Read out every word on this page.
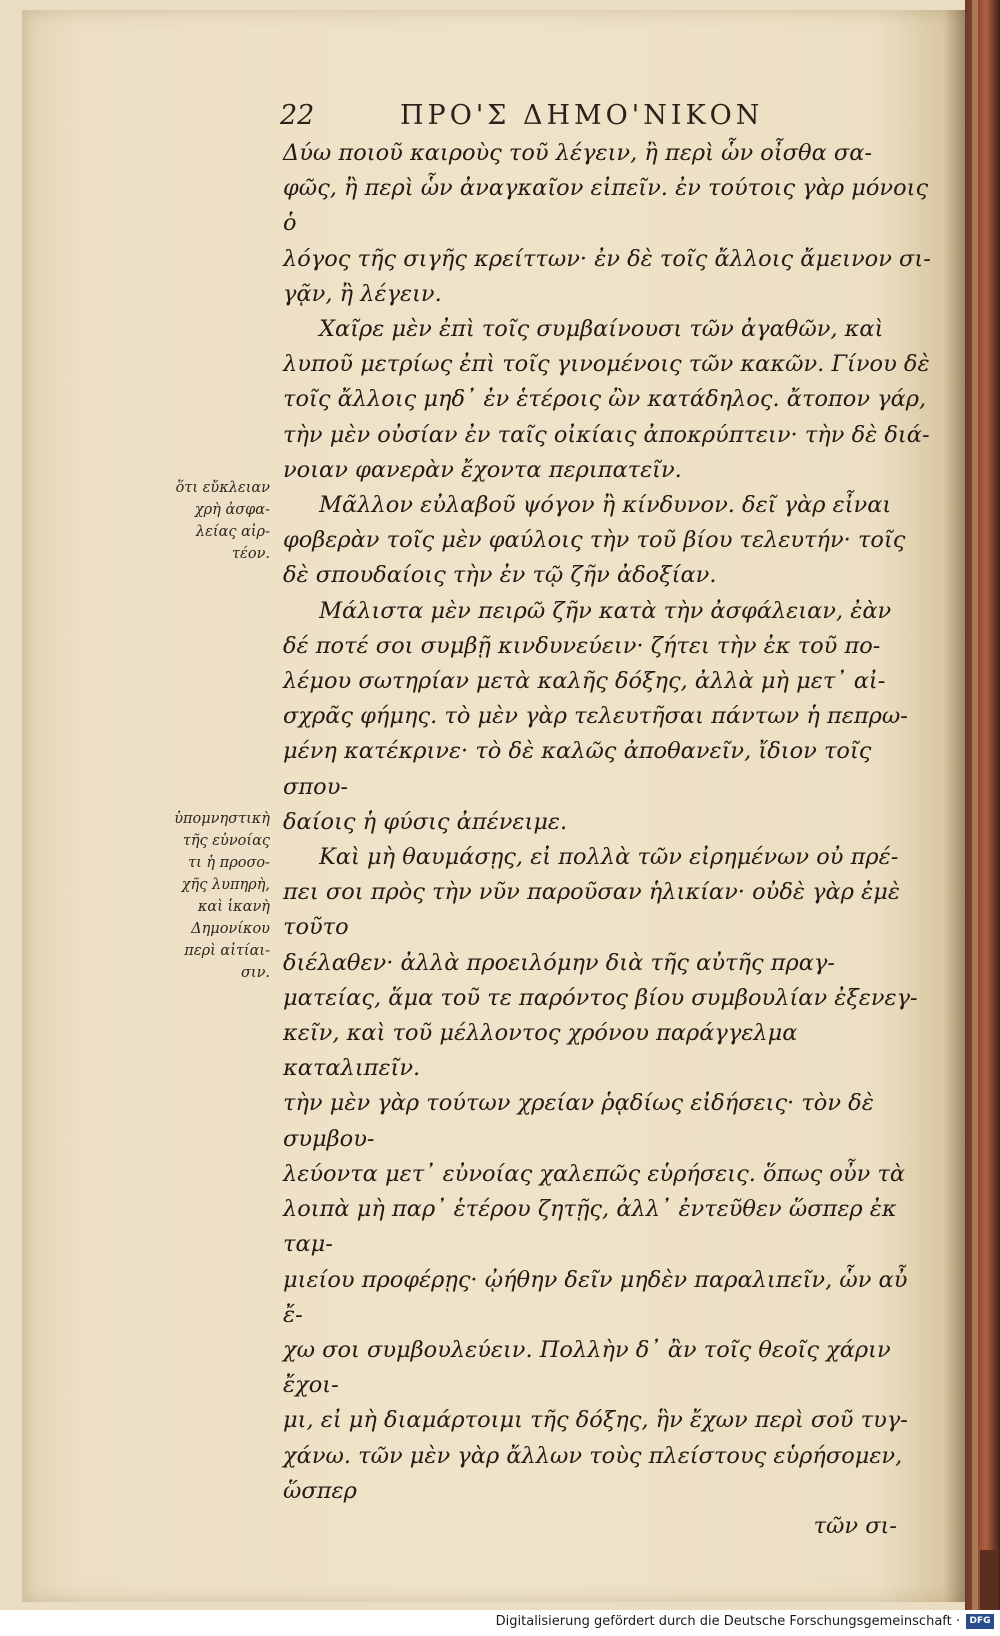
22	ΠΡΟ'Σ ΔΗΜΟ'ΝΙΚΟΝ
Δύω ποιοῦ καιροὺς τοῦ λέγειν, ἢ περὶ ὧν οἶσθα σα-
φῶς, ἢ περὶ ὧν ἀναγκαῖον εἰπεῖν. ἐν τούτοις γὰρ μόνοις ὁ
λόγος τῆς σιγῆς κρείττων· ἐν δὲ τοῖς ἄλλοις ἄμεινον σι-
γᾷν, ἢ λέγειν.
Χαῖρε μὲν ἐπὶ τοῖς συμβαίνουσι τῶν ἀγαθῶν, καὶ
λυποῦ μετρίως ἐπὶ τοῖς γινομένοις τῶν κακῶν. Γίνου δὲ
τοῖς ἄλλοις μηδ᾽ ἐν ἑτέροις ὢν κατάδηλος. ἄτοπον γάρ,
τὴν μὲν οὐσίαν ἐν ταῖς οἰκίαις ἀποκρύπτειν· τὴν δὲ διά-
νοιαν φανερὰν ἔχοντα περιπατεῖν.
Μᾶλλον εὐλαβοῦ ψόγον ἢ κίνδυνον. δεῖ γὰρ εἶναι
φοβερὰν τοῖς μὲν φαύλοις τὴν τοῦ βίου τελευτήν· τοῖς
δὲ σπουδαίοις τὴν ἐν τῷ ζῆν ἀδοξίαν.
Μάλιστα μὲν πειρῶ ζῆν κατὰ τὴν ἀσφάλειαν, ἐὰν
δέ ποτέ σοι συμβῇ κινδυνεύειν· ζήτει τὴν ἐκ τοῦ πο-
λέμου σωτηρίαν μετὰ καλῆς δόξης, ἀλλὰ μὴ μετ᾽ αἰ-
σχρᾶς φήμης. τὸ μὲν γὰρ τελευτῆσαι πάντων ἡ πεπρω-
μένη κατέκρινε· τὸ δὲ καλῶς ἀποθανεῖν, ἴδιον τοῖς σπου-
δαίοις ἡ φύσις ἀπένειμε.
Καὶ μὴ θαυμάσῃς, εἰ πολλὰ τῶν εἰρημένων οὐ πρέ-
πει σοι πρὸς τὴν νῦν παροῦσαν ἡλικίαν· οὐδὲ γὰρ ἐμὲ τοῦτο
διέλαθεν· ἀλλὰ προειλόμην διὰ τῆς αὐτῆς πραγ-
ματείας, ἅμα τοῦ τε παρόντος βίου συμβουλίαν ἐξενεγ-
κεῖν, καὶ τοῦ μέλλοντος χρόνου παράγγελμα καταλιπεῖν.
τὴν μὲν γὰρ τούτων χρείαν ῥᾳδίως εἰδήσεις· τὸν δὲ συμβου-
λεύοντα μετ᾽ εὐνοίας χαλεπῶς εὑρήσεις. ὅπως οὖν τὰ
λοιπὰ μὴ παρ᾽ ἑτέρου ζητῇς, ἀλλ᾽ ἐντεῦθεν ὥσπερ ἐκ ταμ-
μιείου προφέρῃς· ᾠήθην δεῖν μηδὲν παραλιπεῖν, ὧν αὖ ἔ-
χω σοι συμβουλεύειν. Πολλὴν δ᾽ ἂν τοῖς θεοῖς χάριν ἔχοι-
μι, εἰ μὴ διαμάρτοιμι τῆς δόξης, ἣν ἔχων περὶ σοῦ τυγ-
χάνω. τῶν μὲν γὰρ ἄλλων τοὺς πλείστους εὑρήσομεν, ὥσπερ
τῶν σι-
ὅτι εὔκλειαν
χρὴ ἀσφα-
λείας αἱρ-
τέον.
ὑπομνηστικὴ
τῆς εὐνοίας
τι ἡ προσο-
χῆς λυπηρὴ,
καὶ ἱκανὴ
Δημονίκου
περὶ αἰτίαι-
σιν.
Digitalisierung gefördert durch die Deutsche Forschungsgemeinschaft ·	DFG
